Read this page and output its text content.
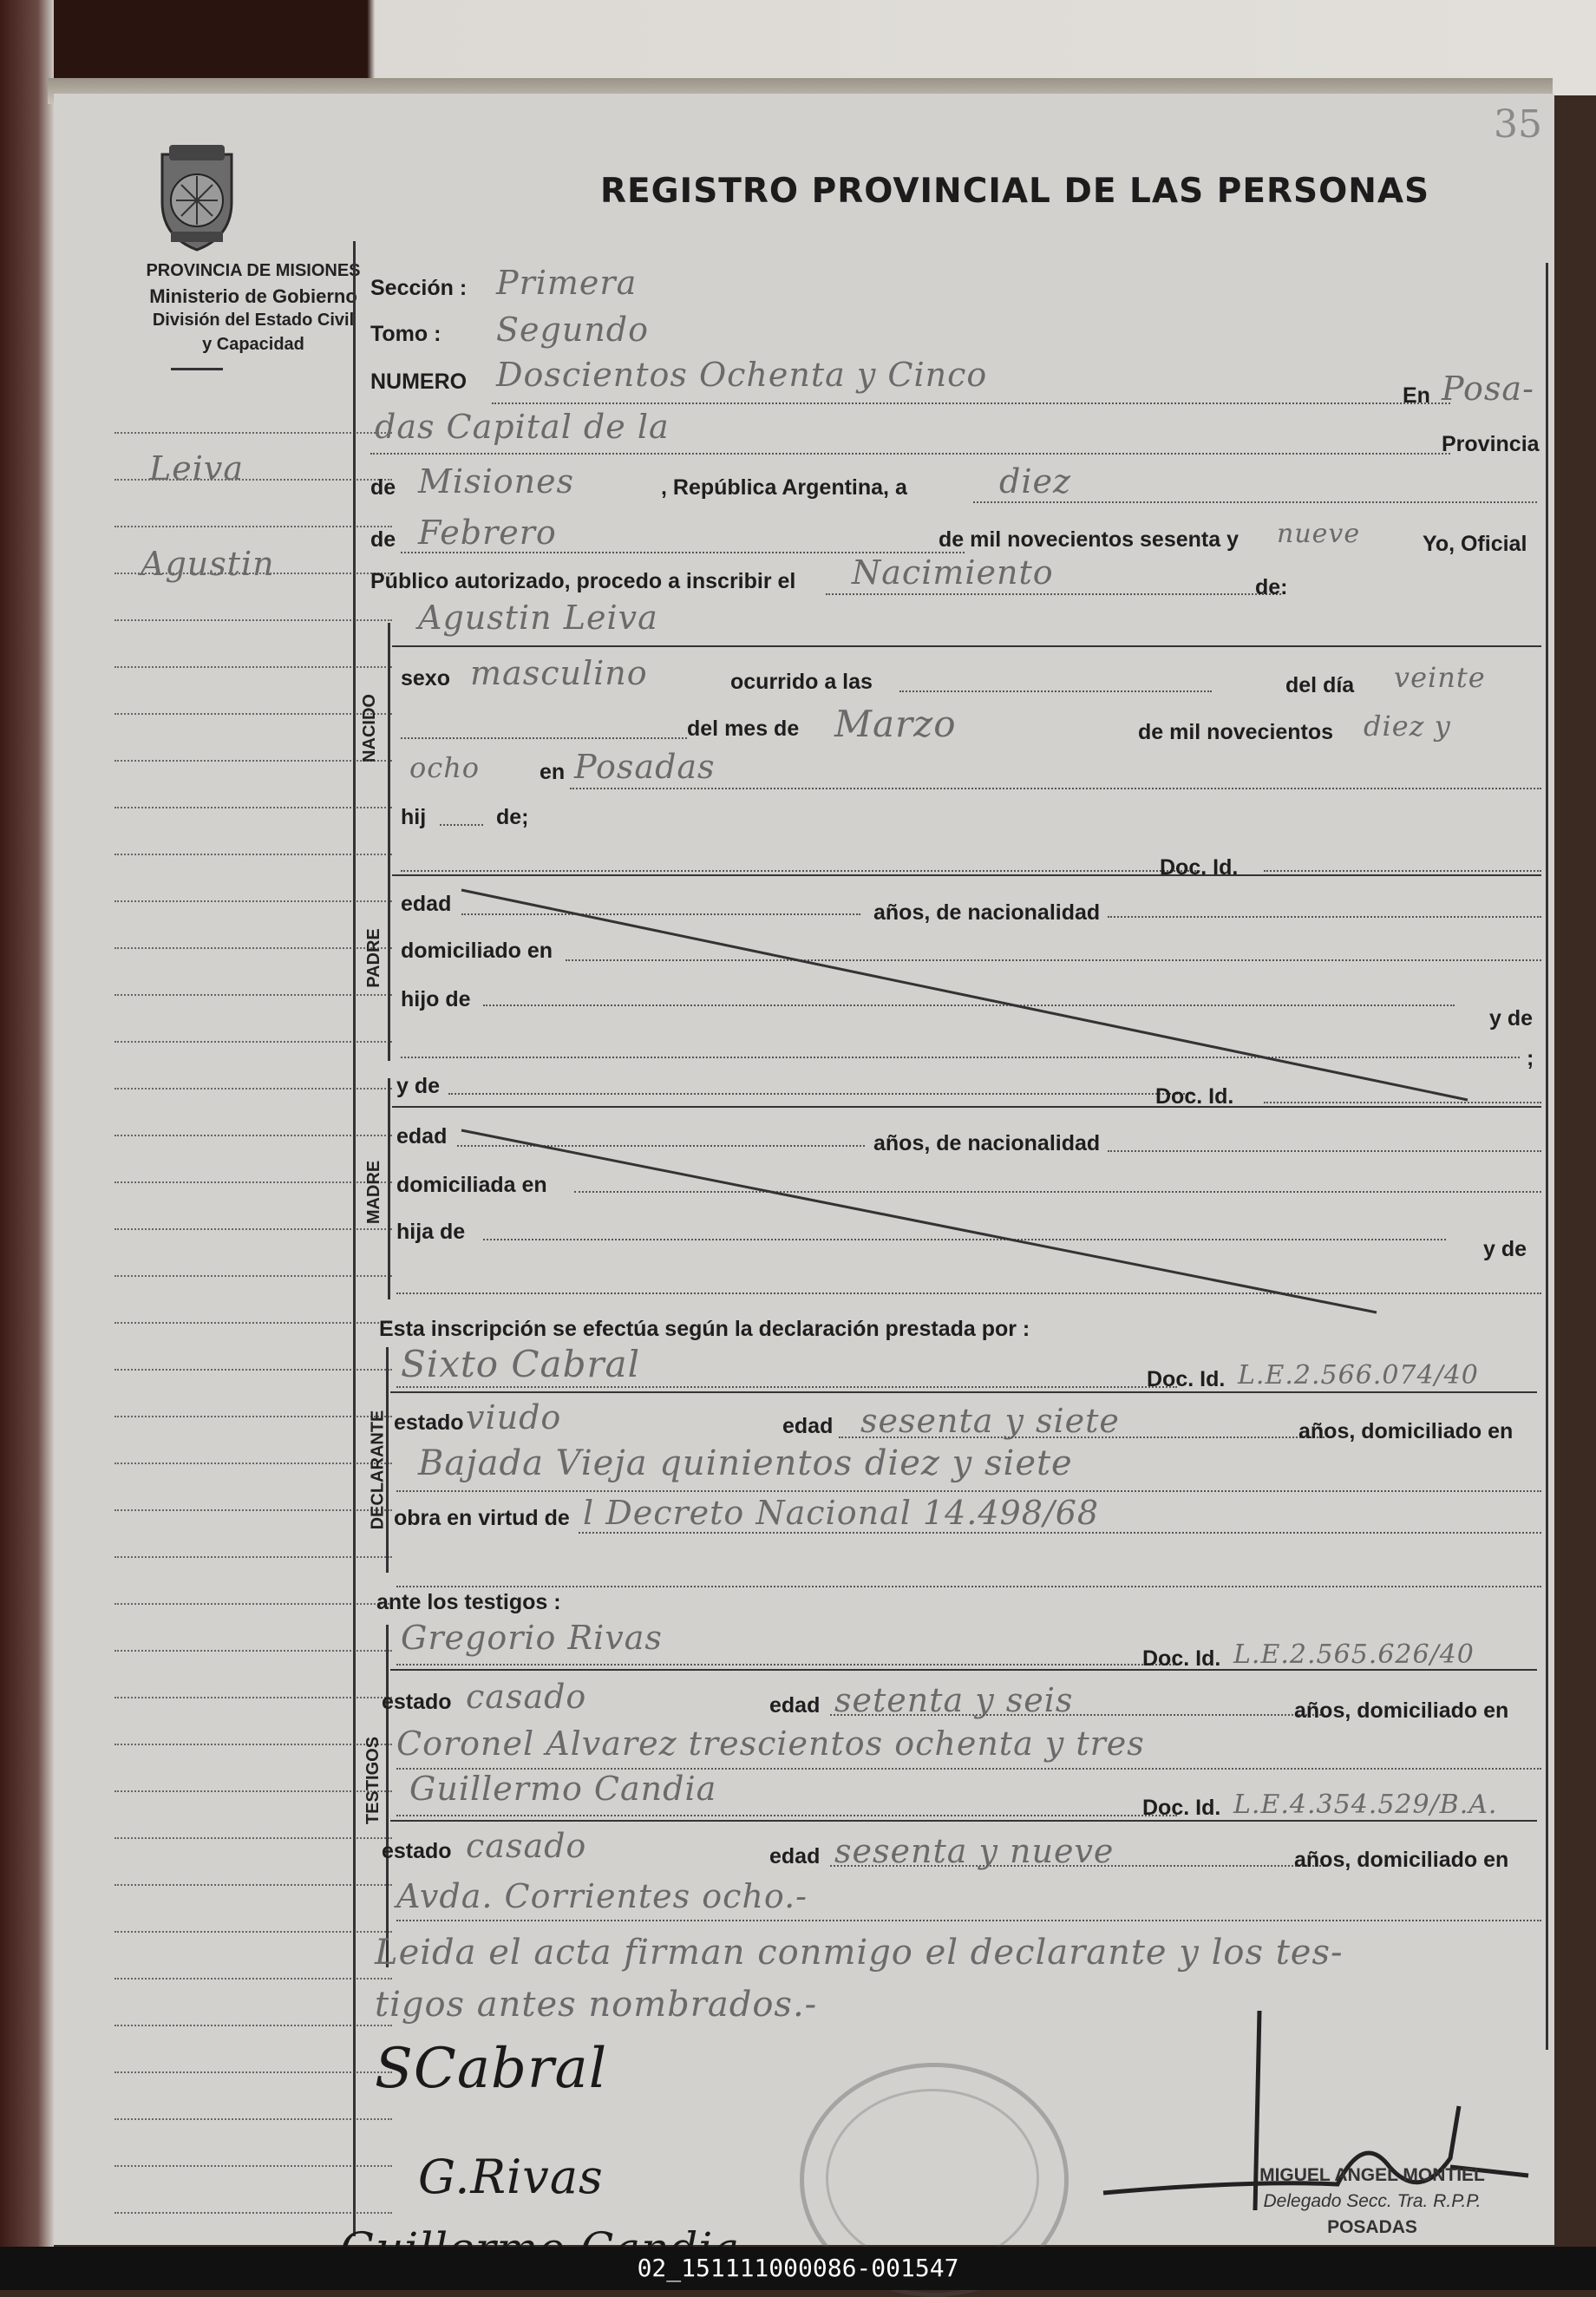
35
PROVINCIA DE MISIONES
Ministerio de Gobierno
División del Estado Civil
y Capacidad
Leiva
Agustin
REGISTRO PROVINCIAL DE LAS PERSONAS
Sección : Primera
Tomo : Segundo
NUMERO Doscientos Ochenta y Cinco
En Posa-
das Capital de la	Provincia
de Misiones	, República Argentina, a	diez
de Febrero	de mil novecientos sesenta y nueve	Yo, Oficial
Público autorizado, procedo a inscribir el Nacimiento	de:
NACIDO
Agustin Leiva
sexo masculino	ocurrido a las	del día veinte
del mes de Marzo	de mil novecientos diez y
ocho	en Posadas
hij	de;
PADRE
Doc. Id.
edad	años, de nacionalidad
domiciliado en
hijo de
y de
;
MADRE
y de	Doc. Id.
edad	años, de nacionalidad
domiciliada en
hija de
y de
Esta inscripción se efectúa según la declaración prestada por :
DECLARANTE
Sixto Cabral	Doc. Id. L.E.2.566.074/40
estado viudo	edad sesenta y siete	años, domiciliado en
Bajada Vieja quinientos diez y siete
obra en virtud de l Decreto Nacional 14.498/68
ante los testigos :
TESTIGOS
Gregorio Rivas
Doc. Id. L.E.2.565.626/40
estado casado	edad setenta y seis	años, domiciliado en
Coronel Alvarez trescientos ochenta y tres
Guillermo Candia	Doc. Id. L.E.4.354.529/B.A.
estado casado	edad sesenta y nueve	años, domiciliado en
Avda. Corrientes ocho.-
Leida el acta firman conmigo el declarante y los tes-
tigos antes nombrados.-
SCabral
G.Rivas	MIGUEL ANGEL MONTIEL
Delegado Secc. Tra. R.P.P.
POSADAS
02_151111000086-001547
